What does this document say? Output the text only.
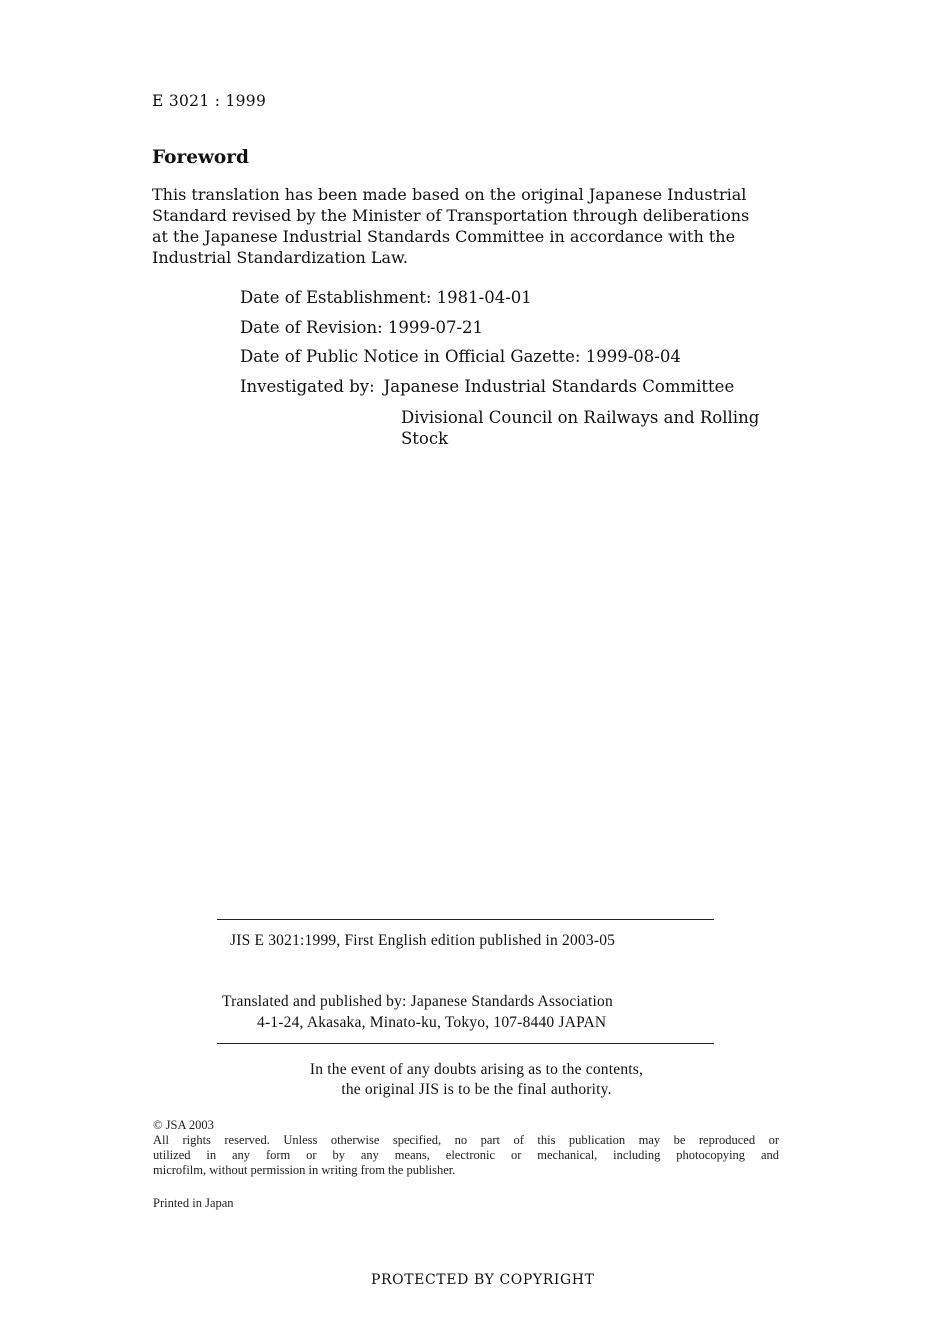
E 3021 : 1999
Foreword
This translation has been made based on the original Japanese Industrial
Standard revised by the Minister of Transportation through deliberations
at the Japanese Industrial Standards Committee in accordance with the
Industrial Standardization Law.
Date of Establishment: 1981-04-01
Date of Revision: 1999-07-21
Date of Public Notice in Official Gazette: 1999-08-04
Investigated by: Japanese Industrial Standards Committee
Divisional Council on Railways and Rolling
Stock
JIS E 3021:1999, First English edition published in 2003-05
Translated and published by: Japanese Standards Association
4-1-24, Akasaka, Minato-ku, Tokyo, 107-8440 JAPAN
In the event of any doubts arising as to the contents,
the original JIS is to be the final authority.
© JSA 2003
All rights reserved. Unless otherwise specified, no part of this publication may be reproduced or
utilized in any form or by any means, electronic or mechanical, including photocopying and
microfilm, without permission in writing from the publisher.
Printed in Japan
PROTECTED BY COPYRIGHT
